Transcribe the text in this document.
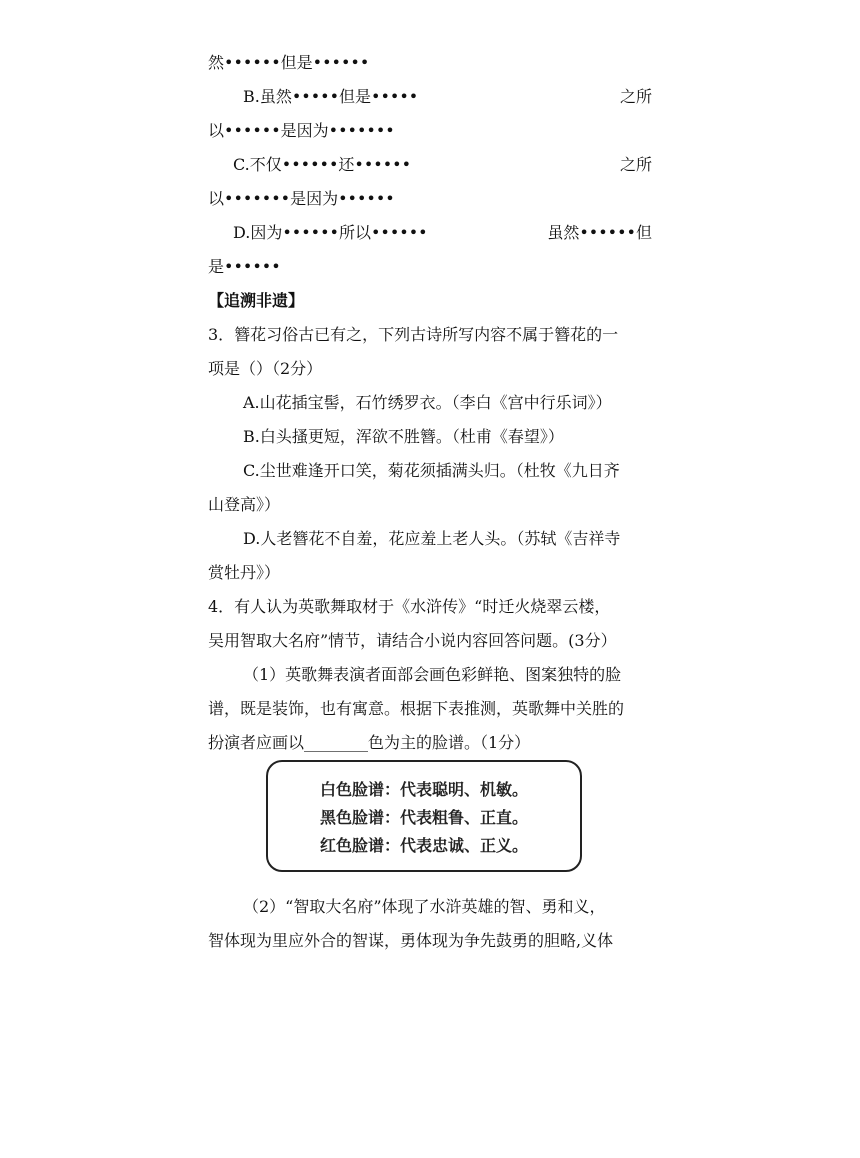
然••••••但是••••••
B.虽然•••••但是•••••	之所
以••••••是因为•••••••
C.不仅••••••还••••••	之所
以•••••••是因为••••••
D.因为••••••所以••••••	虽然••••••但
是••••••
【追溯非遗】
3．簪花习俗古已有之，下列古诗所写内容不属于簪花的一
项是（）（2分）
A.山花插宝髻，石竹绣罗衣。（李白《宫中行乐词》）
B.白头搔更短，浑欲不胜簪。（杜甫《春望》）
C.尘世难逢开口笑，菊花须插满头归。（杜牧《九日齐
山登高》）
D.人老簪花不自羞，花应羞上老人头。（苏轼《吉祥寺
赏牡丹》）
4．有人认为英歌舞取材于《水浒传》“时迁火烧翠云楼，
吴用智取大名府”情节，请结合小说内容回答问题。(3分）
（1）英歌舞表演者面部会画色彩鲜艳、图案独特的脸
谱，既是装饰，也有寓意。根据下表推测，英歌舞中关胜的
扮演者应画以________色为主的脸谱。（1分）
白色脸谱：代表聪明、机敏。
黑色脸谱：代表粗鲁、正直。
红色脸谱：代表忠诚、正义。
（2）“智取大名府”体现了水浒英雄的智、勇和义，
智体现为里应外合的智谋，勇体现为争先鼓勇的胆略,义体
